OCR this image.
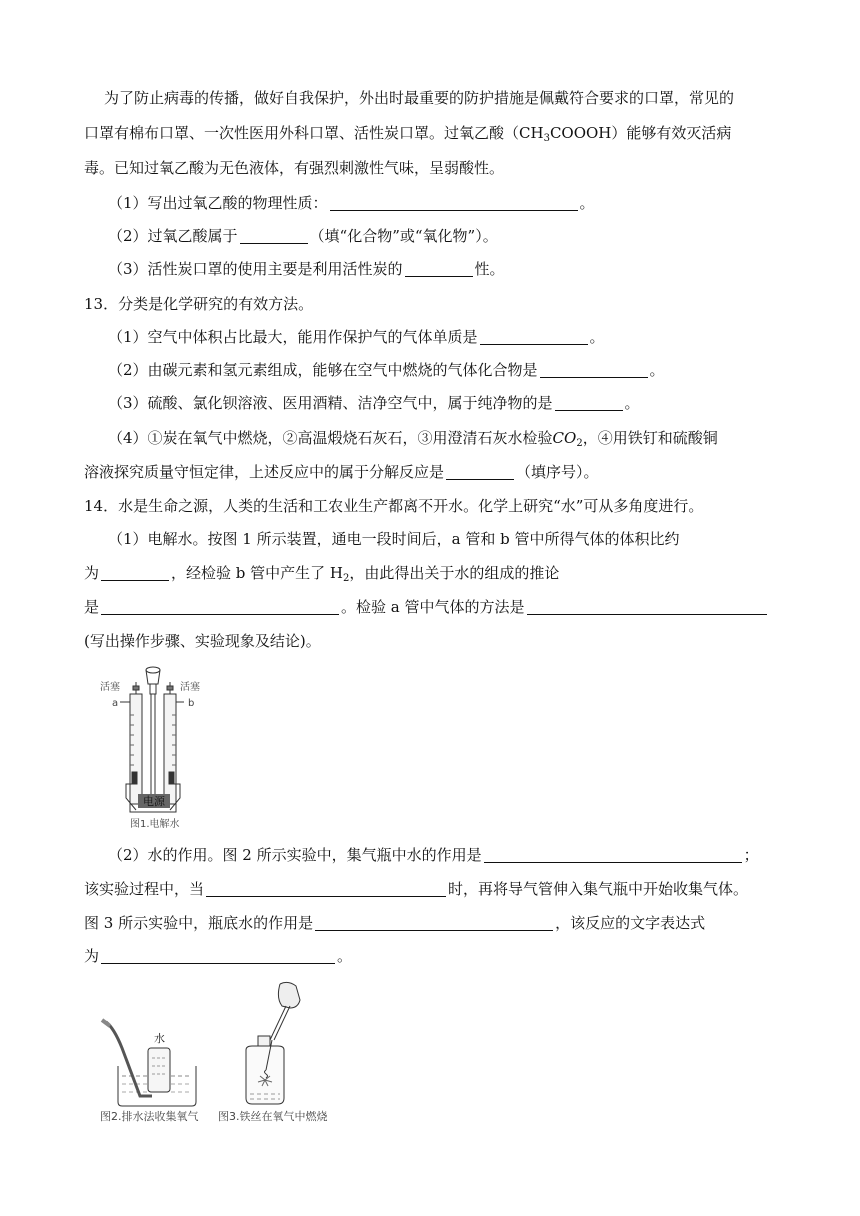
为了防止病毒的传播，做好自我保护，外出时最重要的防护措施是佩戴符合要求的口罩，常见的
口罩有棉布口罩、一次性医用外科口罩、活性炭口罩。过氧乙酸$(CH_3COOOH)$能够有效灭活病
毒。已知过氧乙酸为无色液体，有强烈刺激性气味，呈弱酸性。
（1）写出过氧乙酸的物理性质：	。
（2）过氧乙酸属于	（填“化合物”或“氧化物”）。
（3）活性炭口罩的使用主要是利用活性炭的	性。
13．分类是化学研究的有效方法。
（1）空气中体积占比最大，能用作保护气的气体单质是	。
（2）由碳元素和氢元素组成，能够在空气中燃烧的气体化合物是	。
（3）硫酸、氯化钡溶液、医用酒精、洁净空气中，属于纯净物的是	。
（4）①炭在氧气中燃烧，②高温煅烧石灰石，③用澄清石灰水检验$CO_2$，④用铁钉和硫酸铜
溶液探究质量守恒定律，上述反应中的属于分解反应是	（填序号）。
14．水是生命之源，人类的生活和工农业生产都离不开水。化学上研究“水”可从多角度进行。
（1）电解水。按图 1 所示装置，通电一段时间后，a 管和 b 管中所得气体的体积比约
为	，经检验 b 管中产生了 $H_2$，由此得出关于水的组成的推论
是	。检验 a 管中气体的方法是
(写出操作步骤、实验现象及结论)。
电源
活塞	活塞
a	b
图1.电解水
（2）水的作用。图 2 所示实验中，集气瓶中水的作用是	；
该实验过程中，当	时，再将导气管伸入集气瓶中开始收集气体。
图 3 所示实验中，瓶底水的作用是	，该反应的文字表达式
为	。
水
图2.排水法收集氧气 图3.铁丝在氧气中燃烧
